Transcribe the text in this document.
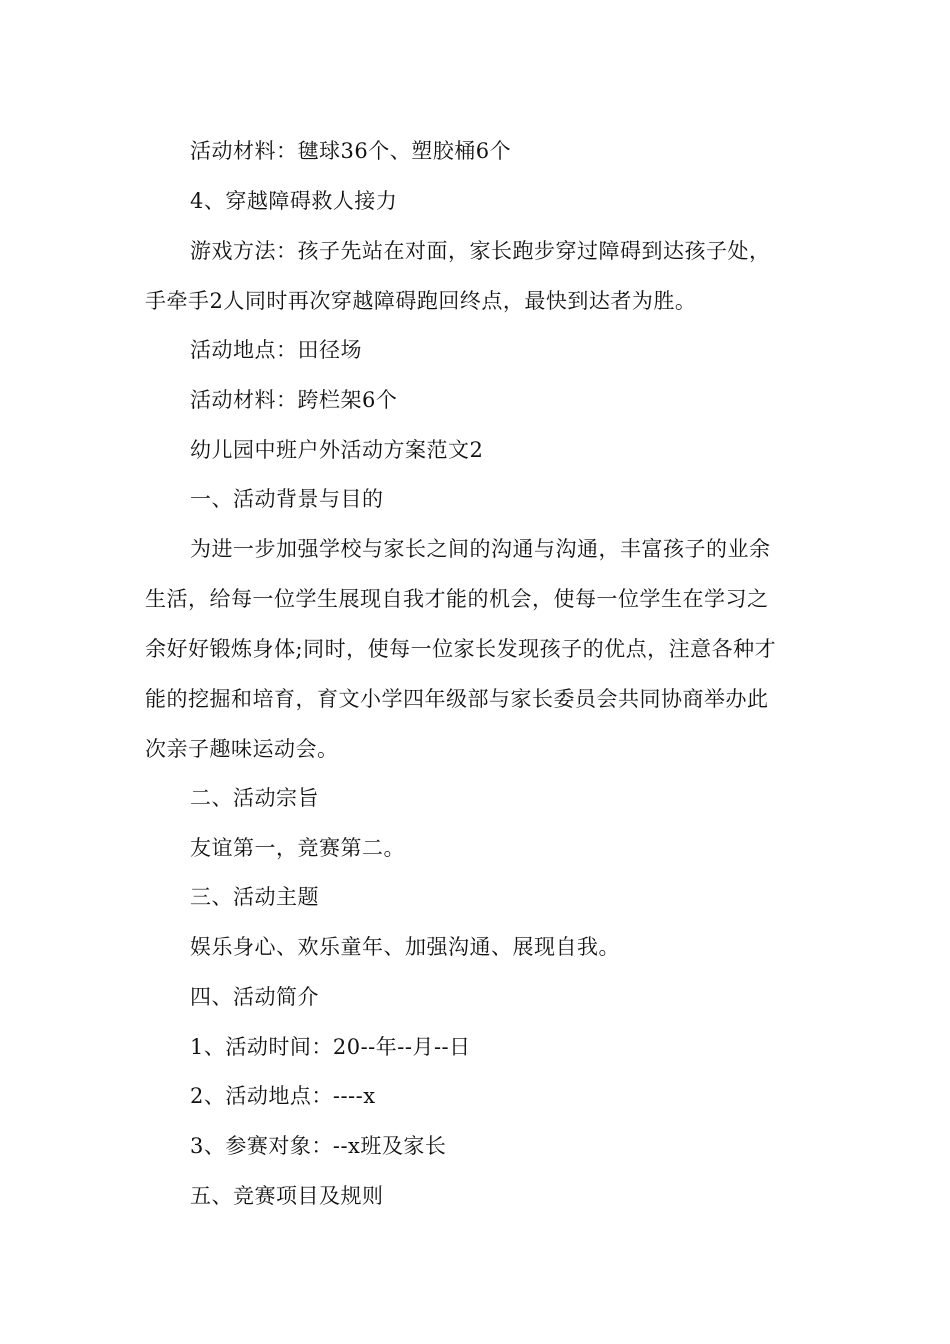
活动材料：毽球36个、塑胶桶6个
4、穿越障碍救人接力
游戏方法：孩子先站在对面，家长跑步穿过障碍到达孩子处，
手牵手2人同时再次穿越障碍跑回终点，最快到达者为胜。
活动地点：田径场
活动材料：跨栏架6个
幼儿园中班户外活动方案范文2
一、活动背景与目的
为进一步加强学校与家长之间的沟通与沟通，丰富孩子的业余
生活，给每一位学生展现自我才能的机会，使每一位学生在学习之
余好好锻炼身体;同时，使每一位家长发现孩子的优点，注意各种才
能的挖掘和培育，育文小学四年级部与家长委员会共同协商举办此
次亲子趣味运动会。
二、活动宗旨
友谊第一，竞赛第二。
三、活动主题
娱乐身心、欢乐童年、加强沟通、展现自我。
四、活动简介
1、活动时间：20--年--月--日
2、活动地点：----x
3、参赛对象：--x班及家长
五、竞赛项目及规则
